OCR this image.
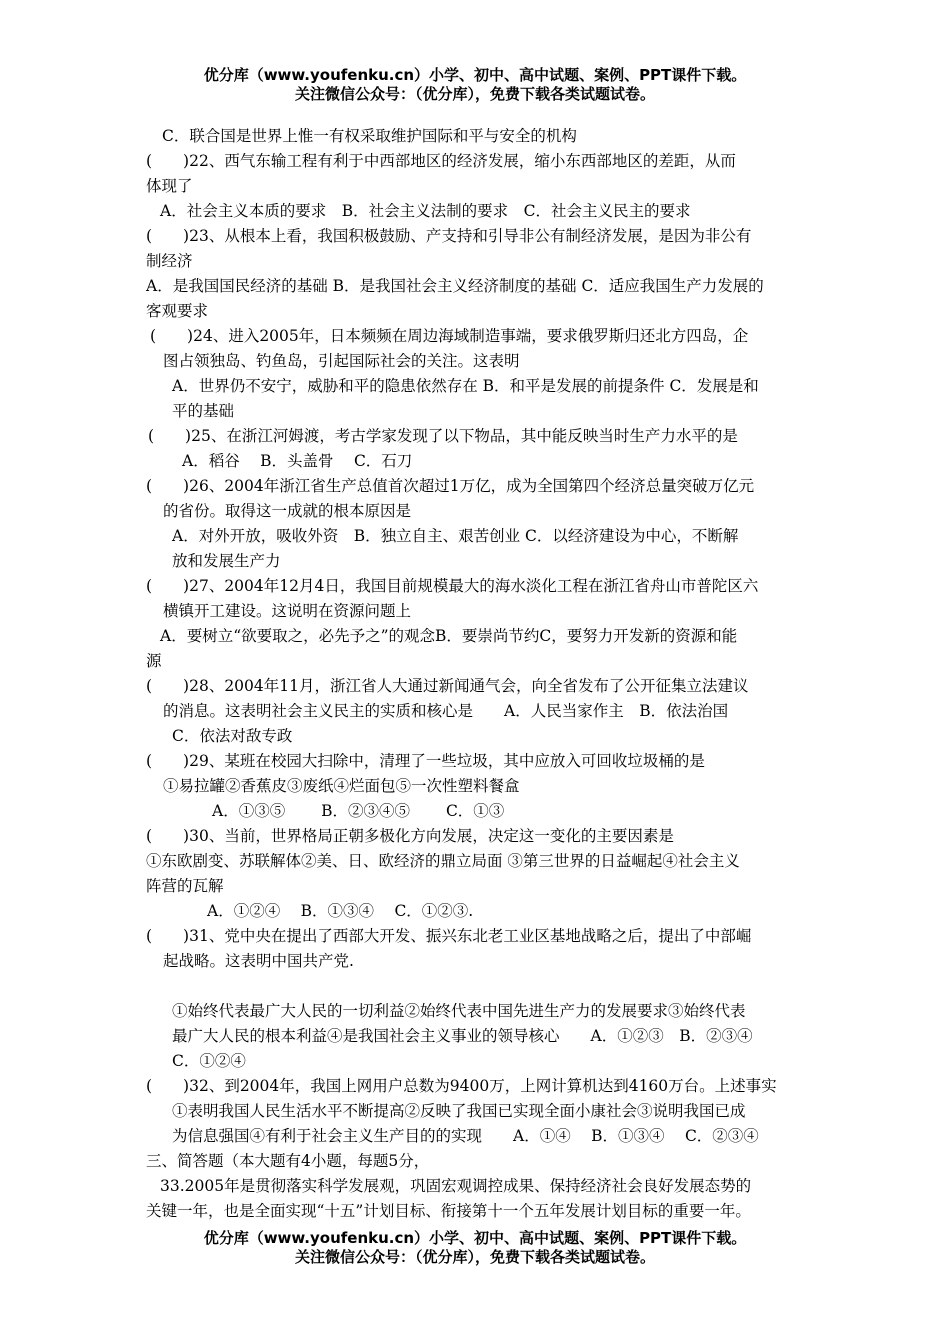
优分库（www.youfenku.cn）小学、初中、高中试题、案例、PPT课件下载。
关注微信公众号：（优分库），免费下载各类试题试卷。
C．联合国是世界上惟一有权采取维护国际和平与安全的机构
(　　)22、西气东输工程有利于中西部地区的经济发展，缩小东西部地区的差距，从而
体现了
A．社会主义本质的要求　B．社会主义法制的要求　C．社会主义民主的要求
(　　)23、从根本上看，我国积极鼓励、产支持和引导非公有制经济发展，是因为非公有
制经济
A．是我国国民经济的基础 B．是我国社会主义经济制度的基础 C．适应我国生产力发展的
客观要求
(　　)24、进入2005年，日本频频在周边海域制造事端，要求俄罗斯归还北方四岛，企
图占领独岛、钓鱼岛，引起国际社会的关注。这表明
A．世界仍不安宁，威胁和平的隐患依然存在 B．和平是发展的前提条件 C．发展是和
平的基础
(　　)25、在浙江河姆渡，考古学家发现了以下物品，其中能反映当时生产力水平的是
A．稻谷　 B．头盖骨　 C．石刀
(　　)26、2004年浙江省生产总值首次超过1万亿，成为全国第四个经济总量突破万亿元
的省份。取得这一成就的根本原因是
A．对外开放，吸收外资　B．独立自主、艰苦创业 C．以经济建设为中心，不断解
放和发展生产力
(　　)27、2004年12月4日，我国目前规模最大的海水淡化工程在浙江省舟山市普陀区六
横镇开工建设。这说明在资源问题上
A．要树立“欲要取之，必先予之”的观念B．要崇尚节约C，要努力开发新的资源和能
源
(　　)28、2004年11月，浙江省人大通过新闻通气会，向全省发布了公开征集立法建议
的消息。这表明社会主义民主的实质和核心是　　A．人民当家作主　B．依法治国
C．依法对敌专政
(　　)29、某班在校园大扫除中，清理了一些垃圾，其中应放入可回收垃圾桶的是
①易拉罐②香蕉皮③废纸④烂面包⑤一次性塑料餐盒
A．①③⑤　　 B．②③④⑤　　 C．①③
(　　)30、当前，世界格局正朝多极化方向发展，决定这一变化的主要因素是
①东欧剧变、苏联解体②美、日、欧经济的鼎立局面 ③第三世界的日益崛起④社会主义
阵营的瓦解
A．①②④　 B．①③④　 C．①②③.
(　　)31、党中央在提出了西部大开发、振兴东北老工业区基地战略之后，提出了中部崛
起战略。这表明中国共产党.
①始终代表最广大人民的一切利益②始终代表中国先进生产力的发展要求③始终代表
最广大人民的根本利益④是我国社会主义事业的领导核心　　A．①②③　B．②③④
C．①②④
(　　)32、到2004年，我国上网用户总数为9400万，上网计算机达到4160万台。上述事实
①表明我国人民生活水平不断提高②反映了我国已实现全面小康社会③说明我国已成
为信息强国④有利于社会主义生产目的的实现　　A．①④　 B．①③④　 C．②③④
三、简答题（本大题有4小题，每题5分，
33.2005年是贯彻落实科学发展观，巩固宏观调控成果、保持经济社会良好发展态势的
关键一年，也是全面实现“十五”计划目标、衔接第十一个五年发展计划目标的重要一年。
优分库（www.youfenku.cn）小学、初中、高中试题、案例、PPT课件下载。
关注微信公众号：（优分库），免费下载各类试题试卷。
